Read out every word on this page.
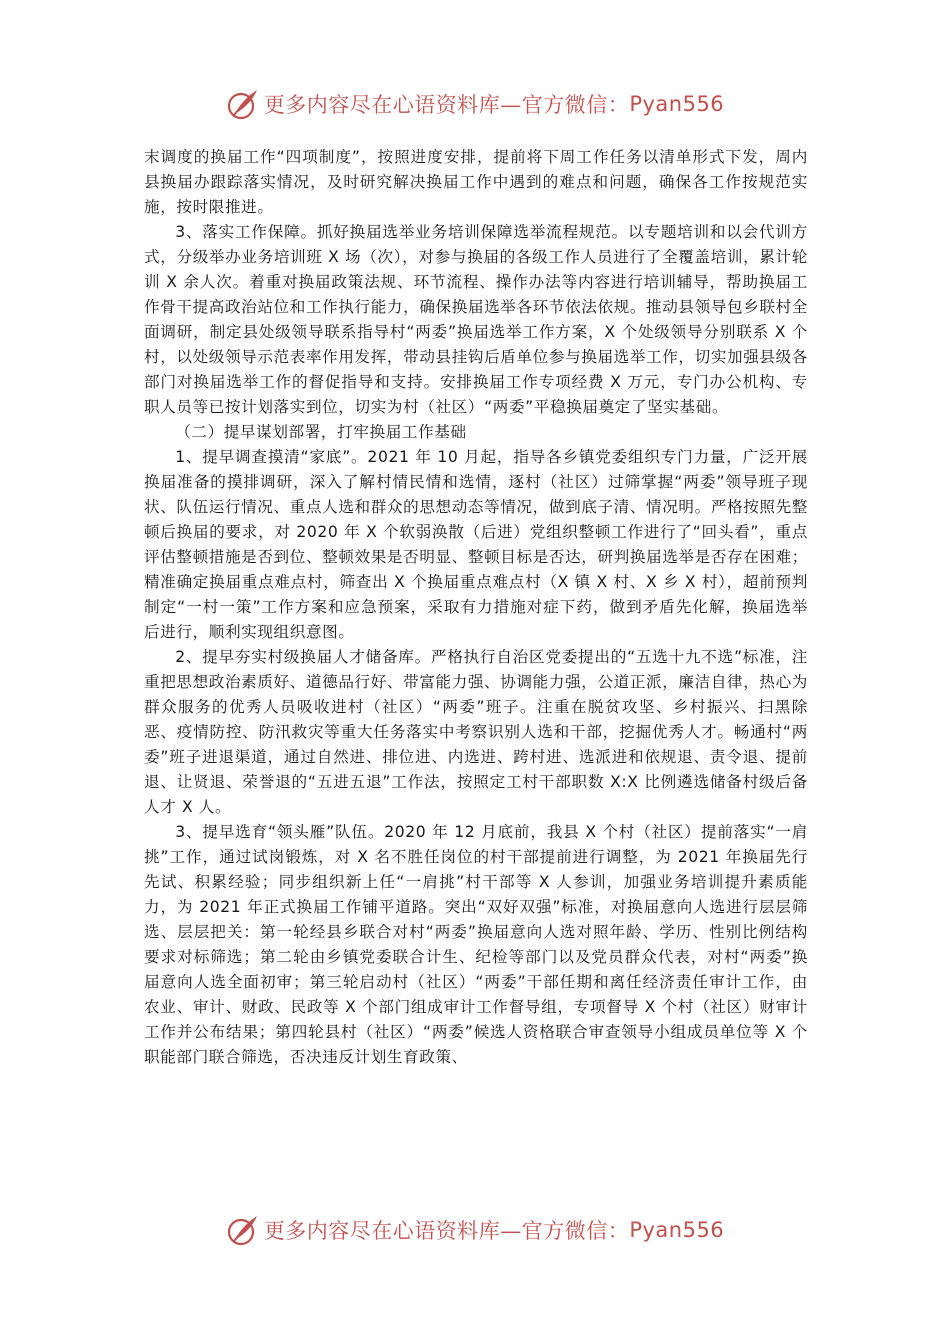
更多内容尽在心语资料库—官方微信： Pyan556

末调度的换届工作“四项制度”，按照进度安排，提前将下周工作任务以清单形式下发，周内县换届办跟踪落实情况，及时研究解决换届工作中遇到的难点和问题，确保各工作按规范实施，按时限推进。

3、落实工作保障。抓好换届选举业务培训保障选举流程规范。以专题培训和以会代训方式，分级举办业务培训班 X 场（次），对参与换届的各级工作人员进行了全覆盖培训，累计轮训 X 余人次。着重对换届政策法规、环节流程、操作办法等内容进行培训辅导，帮助换届工作骨干提高政治站位和工作执行能力，确保换届选举各环节依法依规。推动县领导包乡联村全面调研，制定县处级领导联系指导村“两委”换届选举工作方案，X 个处级领导分别联系 X 个村，以处级领导示范表率作用发挥，带动县挂钩后盾单位参与换届选举工作，切实加强县级各部门对换届选举工作的督促指导和支持。安排换届工作专项经费 X 万元，专门办公机构、专职人员等已按计划落实到位，切实为村（社区）“两委”平稳换届奠定了坚实基础。

（二）提早谋划部署，打牢换届工作基础

1、提早调查摸清“家底”。2021 年 10 月起，指导各乡镇党委组织专门力量，广泛开展换届准备的摸排调研，深入了解村情民情和选情，逐村（社区）过筛掌握“两委”领导班子现状、队伍运行情况、重点人选和群众的思想动态等情况，做到底子清、情况明。严格按照先整顿后换届的要求，对 2020 年 X 个软弱涣散（后进）党组织整顿工作进行了“回头看”，重点评估整顿措施是否到位、整顿效果是否明显、整顿目标是否达，研判换届选举是否存在困难；精准确定换届重点难点村，筛查出 X 个换届重点难点村（X 镇 X 村、X 乡 X 村），超前预判制定“一村一策”工作方案和应急预案，采取有力措施对症下药，做到矛盾先化解，换届选举后进行，顺利实现组织意图。

2、提早夯实村级换届人才储备库。严格执行自治区党委提出的“五选十九不选”标准，注重把思想政治素质好、道德品行好、带富能力强、协调能力强，公道正派，廉洁自律，热心为群众服务的优秀人员吸收进村（社区）“两委”班子。注重在脱贫攻坚、乡村振兴、扫黑除恶、疫情防控、防汛救灾等重大任务落实中考察识别人选和干部，挖掘优秀人才。畅通村“两委”班子进退渠道，通过自然进、排位进、内选进、跨村进、选派进和依规退、责令退、提前退、让贤退、荣誉退的“五进五退”工作法，按照定工村干部职数 X:X 比例遴选储备村级后备人才 X 人。

3、提早选育“领头雁”队伍。2020 年 12 月底前，我县 X 个村（社区）提前落实“一肩挑”工作，通过试岗锻炼，对 X 名不胜任岗位的村干部提前进行调整，为 2021 年换届先行先试、积累经验；同步组织新上任“一肩挑”村干部等 X 人参训，加强业务培训提升素质能力，为 2021 年正式换届工作铺平道路。突出“双好双强”标准，对换届意向人选进行层层筛选、层层把关：第一轮经县乡联合对村“两委”换届意向人选对照年龄、学历、性别比例结构要求对标筛选；第二轮由乡镇党委联合计生、纪检等部门以及党员群众代表，对村“两委”换届意向人选全面初审；第三轮启动村（社区）“两委”干部任期和离任经济责任审计工作，由农业、审计、财政、民政等 X 个部门组成审计工作督导组，专项督导 X 个村（社区）财审计工作并公布结果；第四轮县村（社区）“两委”候选人资格联合审查领导小组成员单位等 X 个职能部门联合筛选，否决违反计划生育政策、

更多内容尽在心语资料库—官方微信： Pyan556
